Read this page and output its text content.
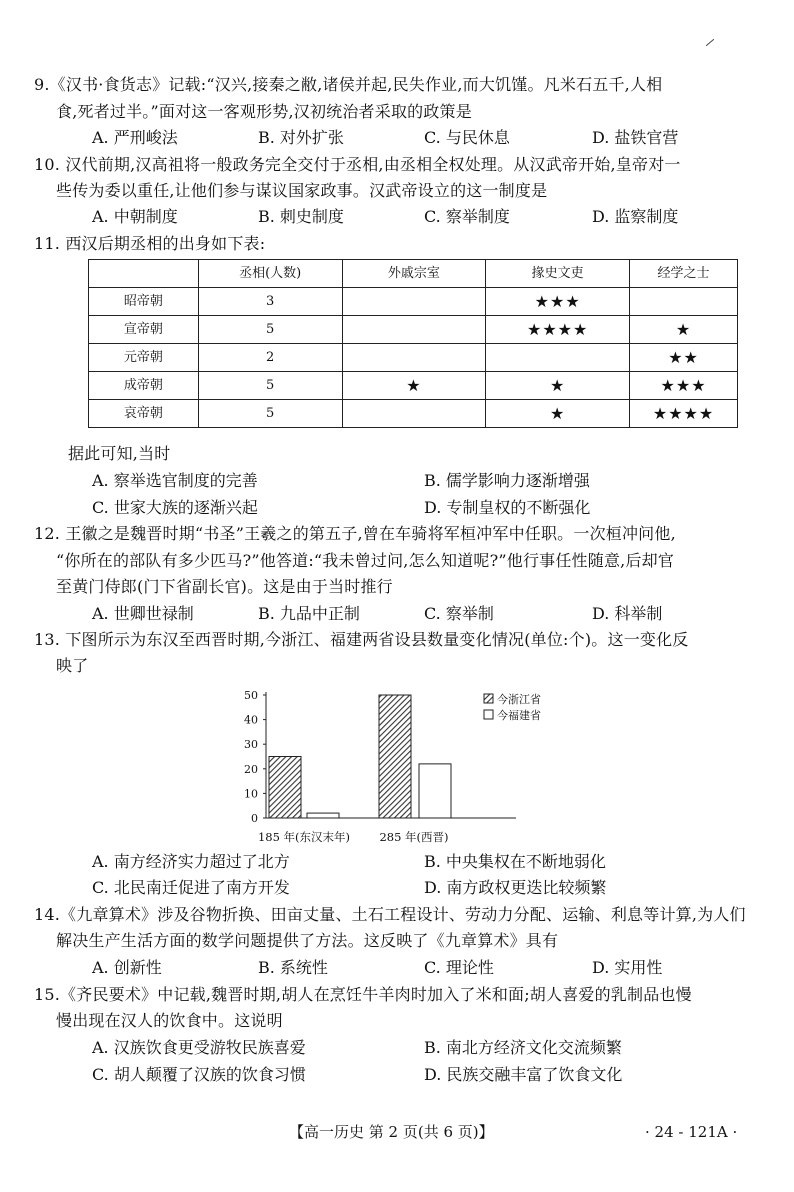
9.《汉书·食货志》记载:“汉兴,接秦之敝,诸侯并起,民失作业,而大饥馑。凡米石五千,人相
食,死者过半。”面对这一客观形势,汉初统治者采取的政策是
A. 严刑峻法	B. 对外扩张	C. 与民休息	D. 盐铁官营
10. 汉代前期,汉高祖将一般政务完全交付于丞相,由丞相全权处理。从汉武帝开始,皇帝对一
些传为委以重任,让他们参与谋议国家政事。汉武帝设立的这一制度是
A. 中朝制度	B. 刺史制度	C. 察举制度	D. 监察制度
11. 西汉后期丞相的出身如下表:
	丞相(人数)	外戚宗室	掾史文吏	经学之士
昭帝朝	3		★★★	
宣帝朝	5		★★★★	★
元帝朝	2			★★
成帝朝	5	★	★	★★★
哀帝朝	5		★	★★★★
据此可知,当时
A. 察举选官制度的完善	B. 儒学影响力逐渐增强
C. 世家大族的逐渐兴起	D. 专制皇权的不断强化
12. 王徽之是魏晋时期“书圣”王羲之的第五子,曾在车骑将军桓冲军中任职。一次桓冲问他,
“你所在的部队有多少匹马?”他答道:“我未曾过问,怎么知道呢?”他行事任性随意,后却官
至黄门侍郎(门下省副长官)。这是由于当时推行
A. 世卿世禄制	B. 九品中正制	C. 察举制	D. 科举制
13. 下图所示为东汉至西晋时期,今浙江、福建两省设县数量变化情况(单位:个)。这一变化反
映了
0
10
20
30
40
50
185 年(东汉末年)	285 年(西晋)
今浙江省
今福建省
A. 南方经济实力超过了北方	B. 中央集权在不断地弱化
C. 北民南迁促进了南方开发	D. 南方政权更迭比较频繁
14.《九章算术》涉及谷物折换、田亩丈量、土石工程设计、劳动力分配、运输、利息等计算,为人们
解决生产生活方面的数学问题提供了方法。这反映了《九章算术》具有
A. 创新性	B. 系统性	C. 理论性	D. 实用性
15.《齐民要术》中记载,魏晋时期,胡人在烹饪牛羊肉时加入了米和面;胡人喜爱的乳制品也慢
慢出现在汉人的饮食中。这说明
A. 汉族饮食更受游牧民族喜爱	B. 南北方经济文化交流频繁
C. 胡人颠覆了汉族的饮食习惯	D. 民族交融丰富了饮食文化
【高一历史 第 2 页(共 6 页)】	· 24 - 121A ·
